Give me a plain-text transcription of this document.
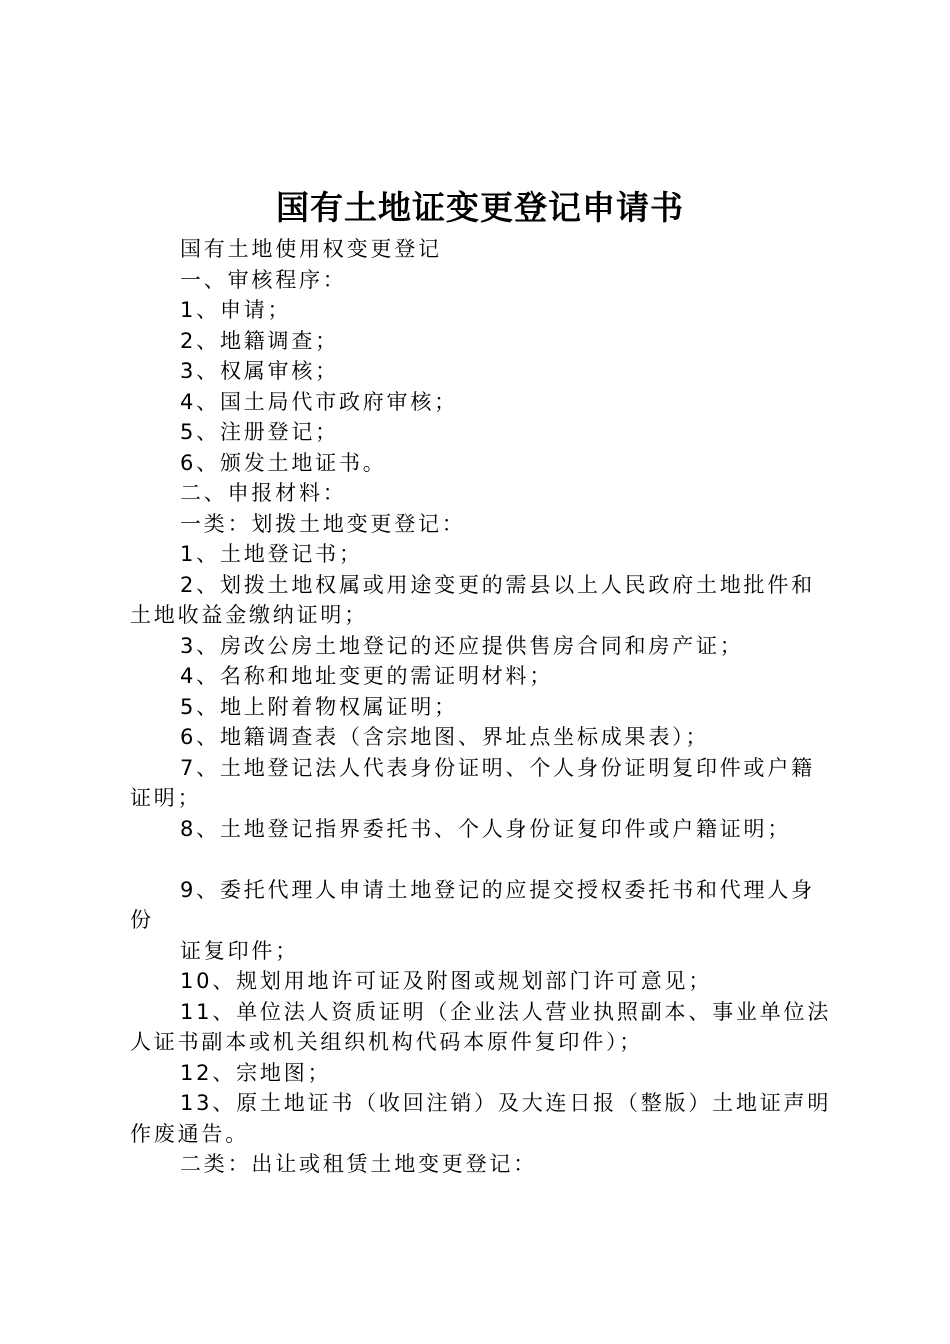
国有土地证变更登记申请书

国有土地使用权变更登记

一、审核程序：

1、申请；

2、地籍调查；

3、权属审核；

4、国土局代市政府审核；

5、注册登记；

6、颁发土地证书。

二、申报材料：

一类：划拨土地变更登记：

1、土地登记书；

2、划拨土地权属或用途变更的需县以上人民政府土地批件和土地收益金缴纳证明；

3、房改公房土地登记的还应提供售房合同和房产证；

4、名称和地址变更的需证明材料；

5、地上附着物权属证明；

6、地籍调查表（含宗地图、界址点坐标成果表）；

7、土地登记法人代表身份证明、个人身份证明复印件或户籍证明；

8、土地登记指界委托书、个人身份证复印件或户籍证明；

9、委托代理人申请土地登记的应提交授权委托书和代理人身份

证复印件；

10、规划用地许可证及附图或规划部门许可意见；

11、单位法人资质证明（企业法人营业执照副本、事业单位法人证书副本或机关组织机构代码本原件复印件）；

12、宗地图；

13、原土地证书（收回注销）及大连日报（整版）土地证声明作废通告。

二类：出让或租赁土地变更登记：
